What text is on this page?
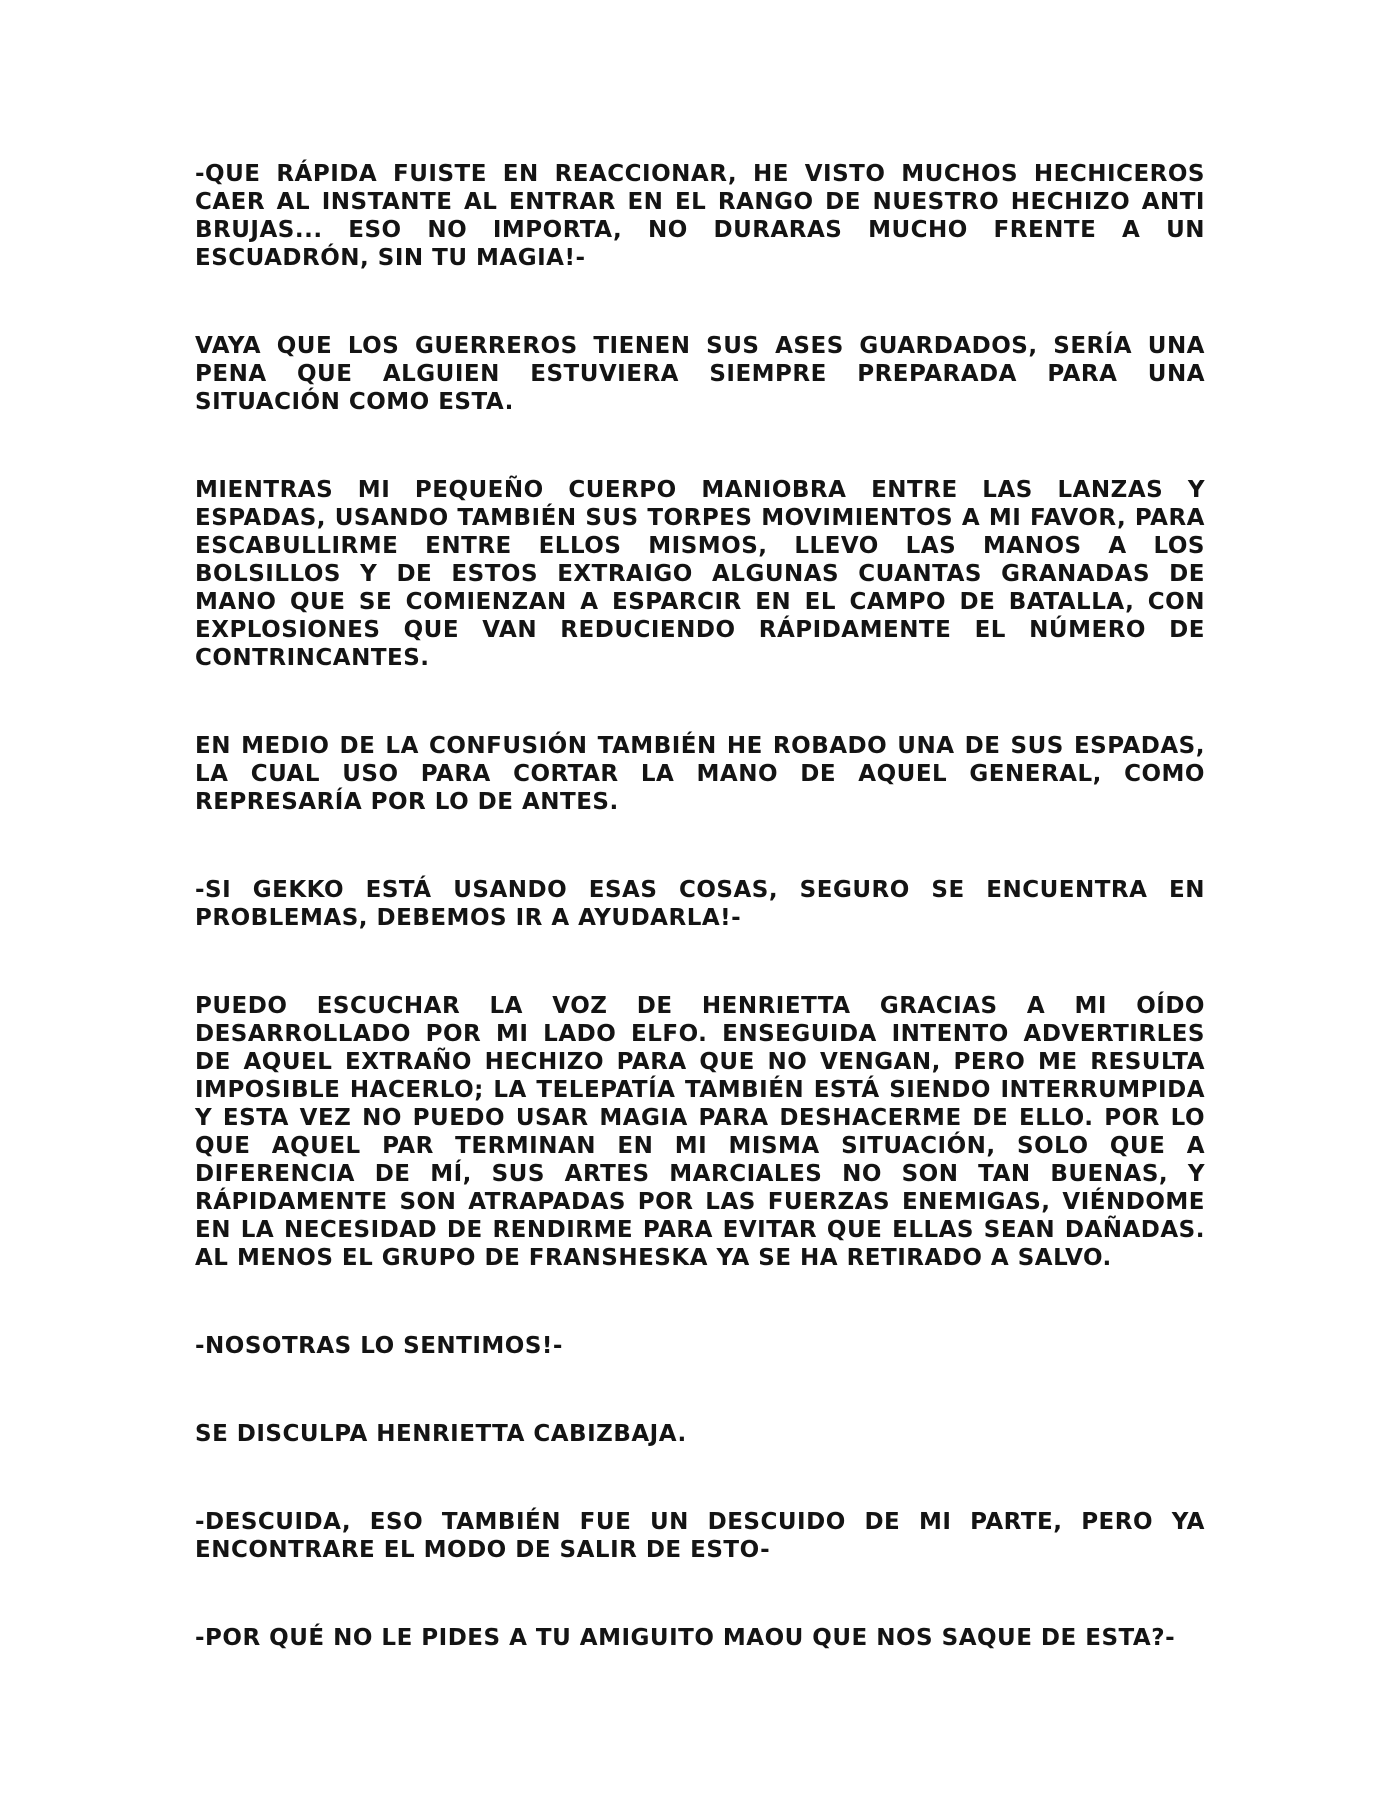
-QUE RÁPIDA FUISTE EN REACCIONAR, HE VISTO MUCHOS HECHICEROS CAER AL INSTANTE AL ENTRAR EN EL RANGO DE NUESTRO HECHIZO ANTI BRUJAS... ESO NO IMPORTA, NO DURARAS MUCHO FRENTE A UN ESCUADRÓN, SIN TU MAGIA!-

VAYA QUE LOS GUERREROS TIENEN SUS ASES GUARDADOS, SERÍA UNA PENA QUE ALGUIEN ESTUVIERA SIEMPRE PREPARADA PARA UNA SITUACIÓN COMO ESTA.

MIENTRAS MI PEQUEÑO CUERPO MANIOBRA ENTRE LAS LANZAS Y ESPADAS, USANDO TAMBIÉN SUS TORPES MOVIMIENTOS A MI FAVOR, PARA ESCABULLIRME ENTRE ELLOS MISMOS, LLEVO LAS MANOS A LOS BOLSILLOS Y DE ESTOS EXTRAIGO ALGUNAS CUANTAS GRANADAS DE MANO QUE SE COMIENZAN A ESPARCIR EN EL CAMPO DE BATALLA, CON EXPLOSIONES QUE VAN REDUCIENDO RÁPIDAMENTE EL NÚMERO DE CONTRINCANTES.

EN MEDIO DE LA CONFUSIÓN TAMBIÉN HE ROBADO UNA DE SUS ESPADAS, LA CUAL USO PARA CORTAR LA MANO DE AQUEL GENERAL, COMO REPRESARÍA POR LO DE ANTES.

-SI GEKKO ESTÁ USANDO ESAS COSAS, SEGURO SE ENCUENTRA EN PROBLEMAS, DEBEMOS IR A AYUDARLA!-

PUEDO ESCUCHAR LA VOZ DE HENRIETTA GRACIAS A MI OÍDO DESARROLLADO POR MI LADO ELFO. ENSEGUIDA INTENTO ADVERTIRLES DE AQUEL EXTRAÑO HECHIZO PARA QUE NO VENGAN, PERO ME RESULTA IMPOSIBLE HACERLO; LA TELEPATÍA TAMBIÉN ESTÁ SIENDO INTERRUMPIDA Y ESTA VEZ NO PUEDO USAR MAGIA PARA DESHACERME DE ELLO. POR LO QUE AQUEL PAR TERMINAN EN MI MISMA SITUACIÓN, SOLO QUE A DIFERENCIA DE MÍ, SUS ARTES MARCIALES NO SON TAN BUENAS, Y RÁPIDAMENTE SON ATRAPADAS POR LAS FUERZAS ENEMIGAS, VIÉNDOME EN LA NECESIDAD DE RENDIRME PARA EVITAR QUE ELLAS SEAN DAÑADAS. AL MENOS EL GRUPO DE FRANSHESKA YA SE HA RETIRADO A SALVO.

-NOSOTRAS LO SENTIMOS!-

SE DISCULPA HENRIETTA CABIZBAJA.

-DESCUIDA, ESO TAMBIÉN FUE UN DESCUIDO DE MI PARTE, PERO YA ENCONTRARE EL MODO DE SALIR DE ESTO-

-POR QUÉ NO LE PIDES A TU AMIGUITO MAOU QUE NOS SAQUE DE ESTA?-
